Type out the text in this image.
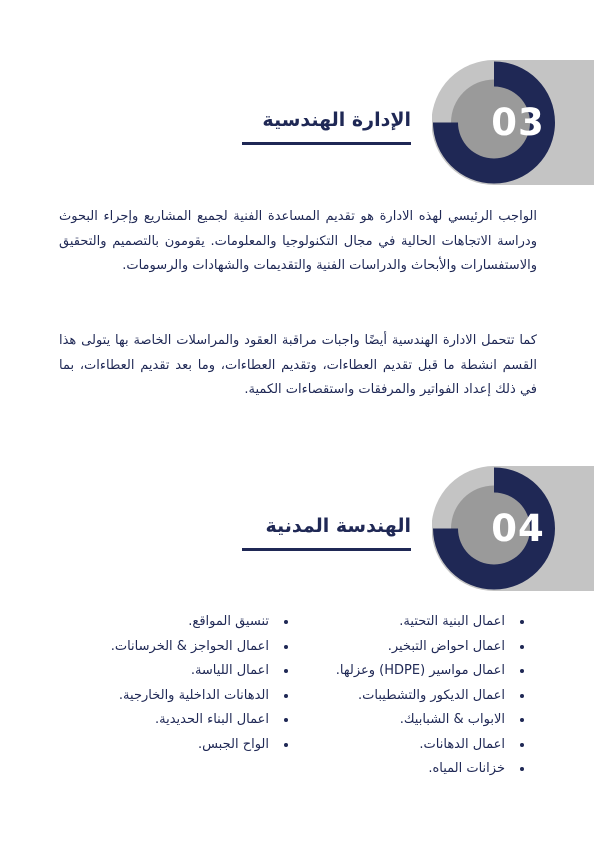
03
الإدارة الهندسية

الواجب الرئيسي لهذه الادارة هو تقديم المساعدة الفنية لجميع المشاريع وإجراء البحوث ودراسة الاتجاهات الحالية في مجال التكنولوجيا والمعلومات. يقومون بالتصميم والتحقيق والاستفسارات والأبحاث والدراسات الفنية والتقديمات والشهادات والرسومات.

كما تتحمل الادارة الهندسية أيضًا واجبات مراقبة العقود والمراسلات الخاصة بها يتولى هذا القسم انشطة ما قبل تقديم العطاءات، وتقديم العطاءات، وما بعد تقديم العطاءات، بما في ذلك إعداد الفواتير والمرفقات واستقصاءات الكمية.

04
الهندسة المدنية
اعمال البنية التحتية.
اعمال احواض التبخير.
اعمال مواسير (HDPE) وعزلها.
اعمال الديكور والتشطيبات.
الابواب & الشبابيك.
اعمال الدهانات.
خزانات المياه.
تنسيق المواقع.
اعمال الحواجز & الخرسانات.
اعمال اللياسة.
الدهانات الداخلية والخارجية.
اعمال البناء الحديدية.
الواح الجبس.
